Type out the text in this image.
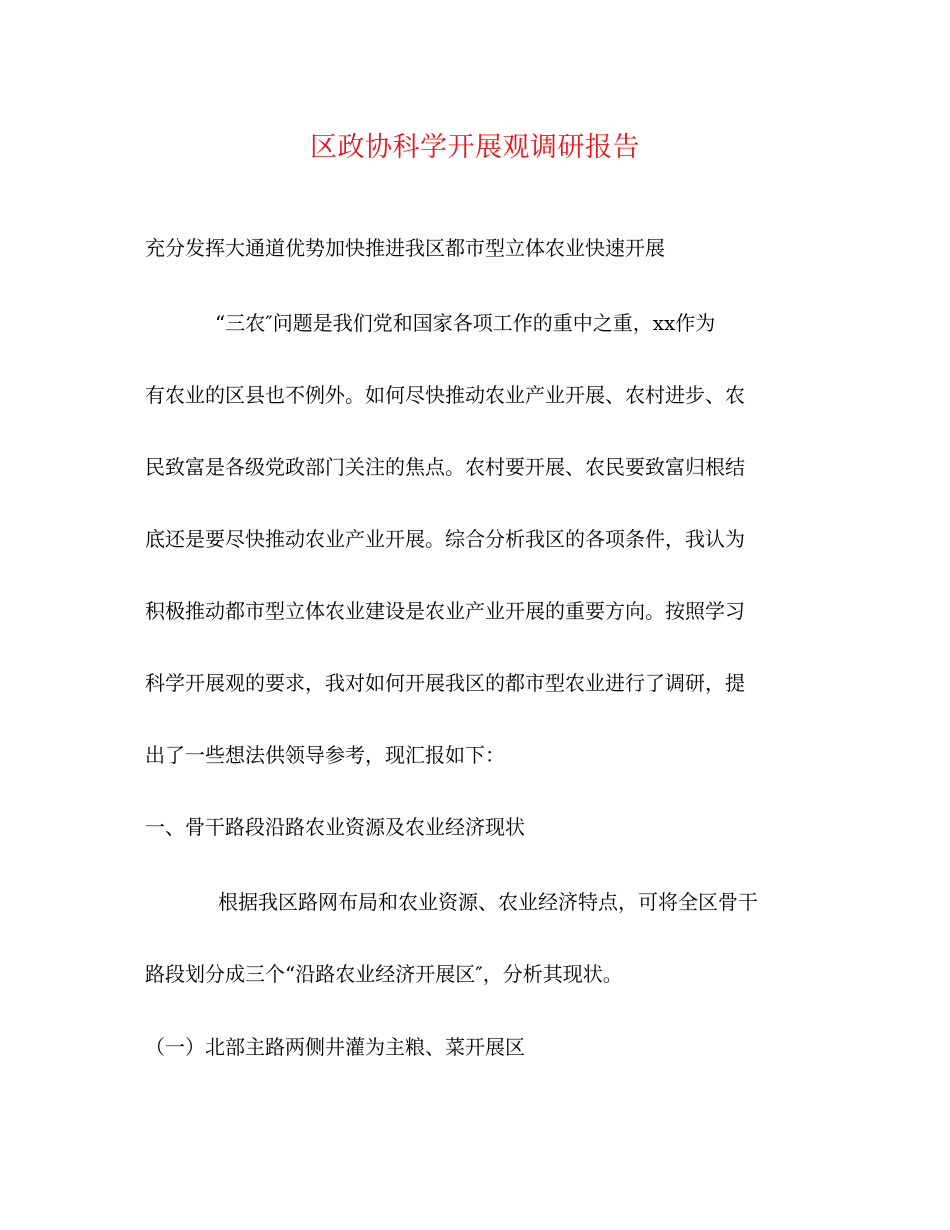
区政协科学开展观调研报告

充分发挥大通道优势加快推进我区都市型立体农业快速开展

“三农″问题是我们党和国家各项工作的重中之重，xx作为

有农业的区县也不例外。如何尽快推动农业产业开展、农村进步、农

民致富是各级党政部门关注的焦点。农村要开展、农民要致富归根结

底还是要尽快推动农业产业开展。综合分析我区的各项条件，我认为

积极推动都市型立体农业建设是农业产业开展的重要方向。按照学习

科学开展观的要求，我对如何开展我区的都市型农业进行了调研，提

出了一些想法供领导参考，现汇报如下：

一、骨干路段沿路农业资源及农业经济现状

根据我区路网布局和农业资源、农业经济特点，可将全区骨干

路段划分成三个“沿路农业经济开展区″，分析其现状。

（一）北部主路两侧井灌为主粮、菜开展区
